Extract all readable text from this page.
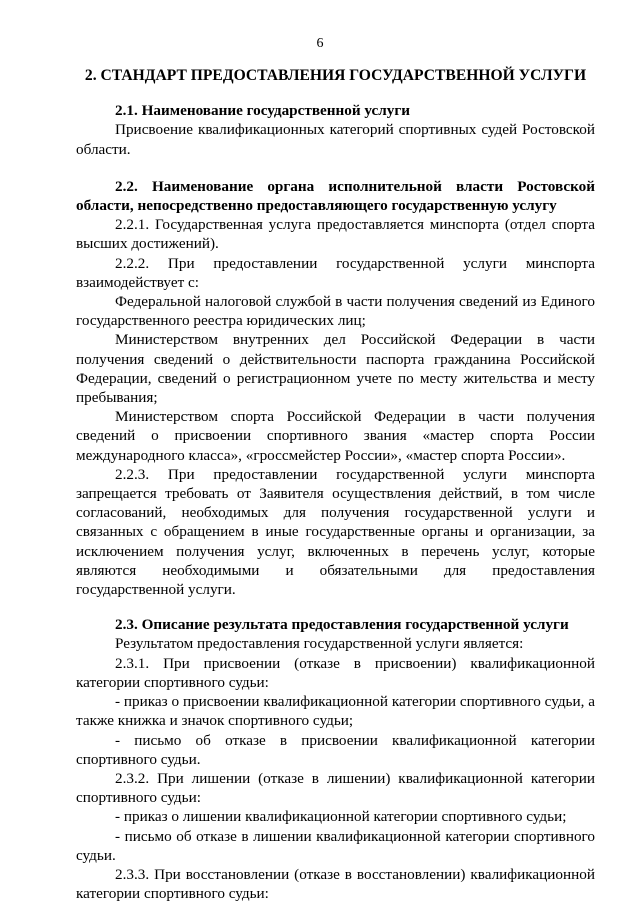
6

2. СТАНДАРТ ПРЕДОСТАВЛЕНИЯ ГОСУДАРСТВЕННОЙ УСЛУГИ

2.1. Наименование государственной услуги

Присвоение квалификационных категорий спортивных судей Ростовской области.

2.2. Наименование органа исполнительной власти Ростовской области, непосредственно предоставляющего государственную услугу

2.2.1. Государственная услуга предоставляется минспорта (отдел спорта высших достижений).

2.2.2. При предоставлении государственной услуги минспорта взаимодействует с:

Федеральной налоговой службой в части получения сведений из Единого государственного реестра юридических лиц;

Министерством внутренних дел Российской Федерации в части получения сведений о действительности паспорта гражданина Российской Федерации, сведений о регистрационном учете по месту жительства и месту пребывания;

Министерством спорта Российской Федерации в части получения сведений о присвоении спортивного звания «мастер спорта России международного класса», «гроссмейстер России», «мастер спорта России».

2.2.3. При предоставлении государственной услуги минспорта запрещается требовать от Заявителя осуществления действий, в том числе согласований, необходимых для получения государственной услуги и связанных с обращением в иные государственные органы и организации, за исключением получения услуг, включенных в перечень услуг, которые являются необходимыми и обязательными для предоставления государственной услуги.

2.3. Описание результата предоставления государственной услуги

Результатом предоставления государственной услуги является:

2.3.1. При присвоении (отказе в присвоении) квалификационной категории спортивного судьи:

- приказ о присвоении квалификационной категории спортивного судьи, а также книжка и значок спортивного судьи;

- письмо об отказе в присвоении квалификационной категории спортивного судьи.

2.3.2. При лишении (отказе в лишении) квалификационной категории спортивного судьи:

- приказ о лишении квалификационной категории спортивного судьи;

- письмо об отказе в лишении квалификационной категории спортивного судьи.

2.3.3. При восстановлении (отказе в восстановлении) квалификационной категории спортивного судьи:
